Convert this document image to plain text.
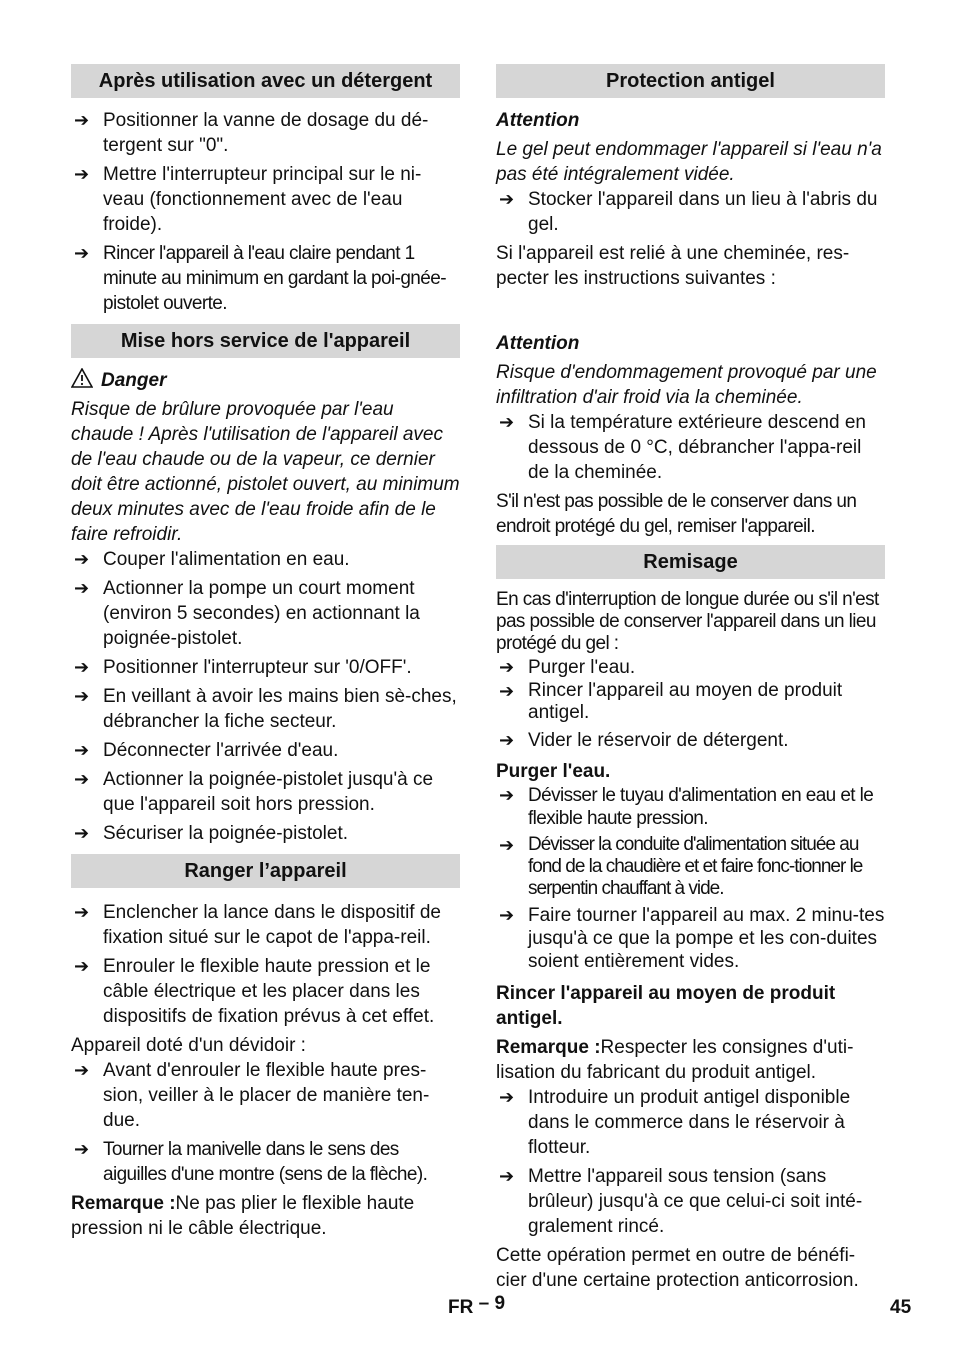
Après utilisation avec un détergent
➔ Positionner la vanne de dosage du dé-tergent sur "0".
➔ Mettre l'interrupteur principal sur le ni-veau (fonctionnement avec de l'eau froide).
➔ Rincer l'appareil à l'eau claire pendant 1 minute au minimum en gardant la poi-gnée-pistolet ouverte.
Mise hors service de l'appareil
Danger

Risque de brûlure provoquée par l'eau chaude ! Après l'utilisation de l'appareil avec de l'eau chaude ou de la vapeur, ce dernier doit être actionné, pistolet ouvert, au minimum deux minutes avec de l'eau froide afin de le faire refroidir.

➔ Couper l'alimentation en eau.
➔ Actionner la pompe un court moment (environ 5 secondes) en actionnant la poignée-pistolet.
➔ Positionner l'interrupteur sur '0/OFF'.
➔ En veillant à avoir les mains bien sè-ches, débrancher la fiche secteur.
➔ Déconnecter l'arrivée d'eau.
➔ Actionner la poignée-pistolet jusqu'à ce que l'appareil soit hors pression.
➔ Sécuriser la poignée-pistolet.
Ranger l’appareil
➔ Enclencher la lance dans le dispositif de fixation situé sur le capot de l'appa-reil.
➔ Enrouler le flexible haute pression et le câble électrique et les placer dans les dispositifs de fixation prévus à cet effet.

Appareil doté d'un dévidoir :

➔ Avant d'enrouler le flexible haute pres-sion, veiller à le placer de manière ten-due.
➔ Tourner la manivelle dans le sens des aiguilles d'une montre (sens de la flèche).

Remarque :Ne pas plier le flexible haute pression ni le câble électrique.

Protection antigel

Attention

Le gel peut endommager l'appareil si l'eau n'a pas été intégralement vidée.

➔ Stocker l'appareil dans un lieu à l'abris du gel.

Si l'appareil est relié à une cheminée, res-pecter les instructions suivantes :

Attention

Risque d'endommagement provoqué par une infiltration d'air froid via la cheminée.

➔ Si la température extérieure descend en dessous de 0 °C, débrancher l'appa-reil de la cheminée.

S'il n'est pas possible de le conserver dans un endroit protégé du gel, remiser l'appareil.

Remisage

En cas d'interruption de longue durée ou s'il n'est pas possible de conserver l'appareil dans un lieu protégé du gel :

➔ Purger l'eau.
➔ Rincer l'appareil au moyen de produit antigel.
➔ Vider le réservoir de détergent.

Purger l'eau.

➔ Dévisser le tuyau d'alimentation en eau et le flexible haute pression.
➔ Dévisser la conduite d'alimentation située au fond de la chaudière et et faire fonc-tionner le serpentin chauffant à vide.
➔ Faire tourner l'appareil au max. 2 minu-tes jusqu'à ce que la pompe et les con-duites soient entièrement vides.

Rincer l'appareil au moyen de produit antigel.

Remarque :Respecter les consignes d'uti-lisation du fabricant du produit antigel.

➔ Introduire un produit antigel disponible dans le commerce dans le réservoir à flotteur.
➔ Mettre l'appareil sous tension (sans brûleur) jusqu'à ce que celui-ci soit inté-gralement rincé.

Cette opération permet en outre de bénéfi-cier d'une certaine protection anticorrosion.

FR – 9	45
